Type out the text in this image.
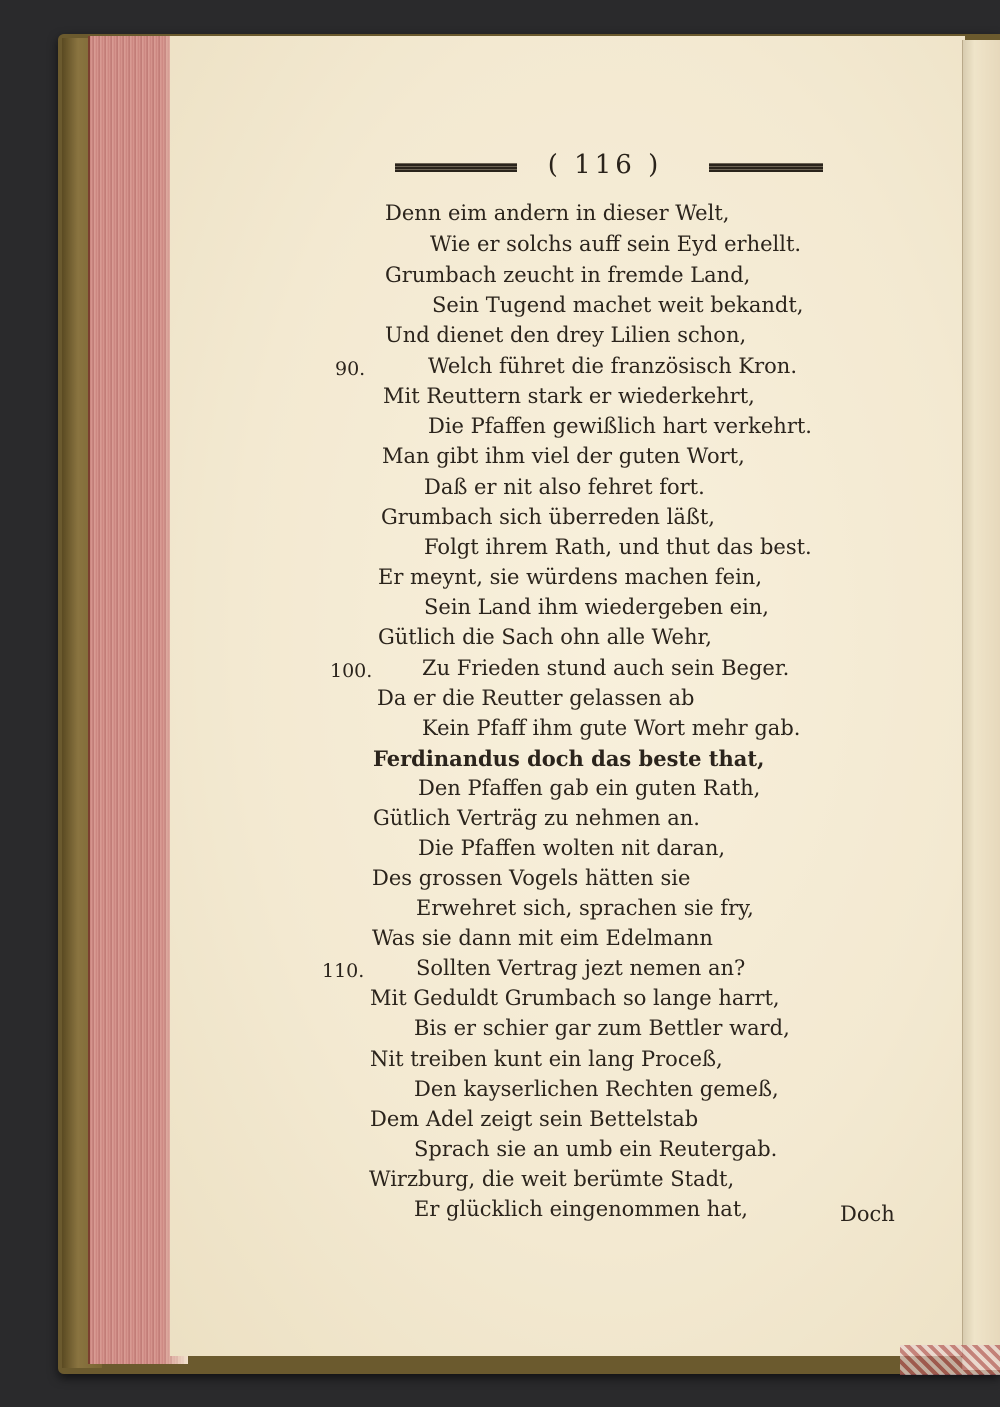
( 116 )
Denn eim andern in dieser Welt,
Wie er solchs auff sein Eyd erhellt.
Grumbach zeucht in fremde Land,
Sein Tugend machet weit bekandt,
Und dienet den drey Lilien schon,
Welch führet die französisch Kron.
Mit Reuttern stark er wiederkehrt,
Die Pfaffen gewißlich hart verkehrt.
Man gibt ihm viel der guten Wort,
Daß er nit also fehret fort.
Grumbach sich überreden läßt,
Folgt ihrem Rath, und thut das best.
Er meynt, sie würdens machen fein,
Sein Land ihm wiedergeben ein,
Gütlich die Sach ohn alle Wehr,
Zu Frieden stund auch sein Beger.
Da er die Reutter gelassen ab
Kein Pfaff ihm gute Wort mehr gab.
Ferdinandus doch das beste that,
Den Pfaffen gab ein guten Rath,
Gütlich Verträg zu nehmen an.
Die Pfaffen wolten nit daran,
Des grossen Vogels hätten sie
Erwehret sich, sprachen sie fry,
Was sie dann mit eim Edelmann
Sollten Vertrag jezt nemen an?
Mit Geduldt Grumbach so lange harrt,
Bis er schier gar zum Bettler ward,
Nit treiben kunt ein lang Proceß,
Den kayserlichen Rechten gemeß,
Dem Adel zeigt sein Bettelstab
Sprach sie an umb ein Reutergab.
Wirzburg, die weit berümte Stadt,
Er glücklich eingenommen hat,
90.
100.
110.
Doch
